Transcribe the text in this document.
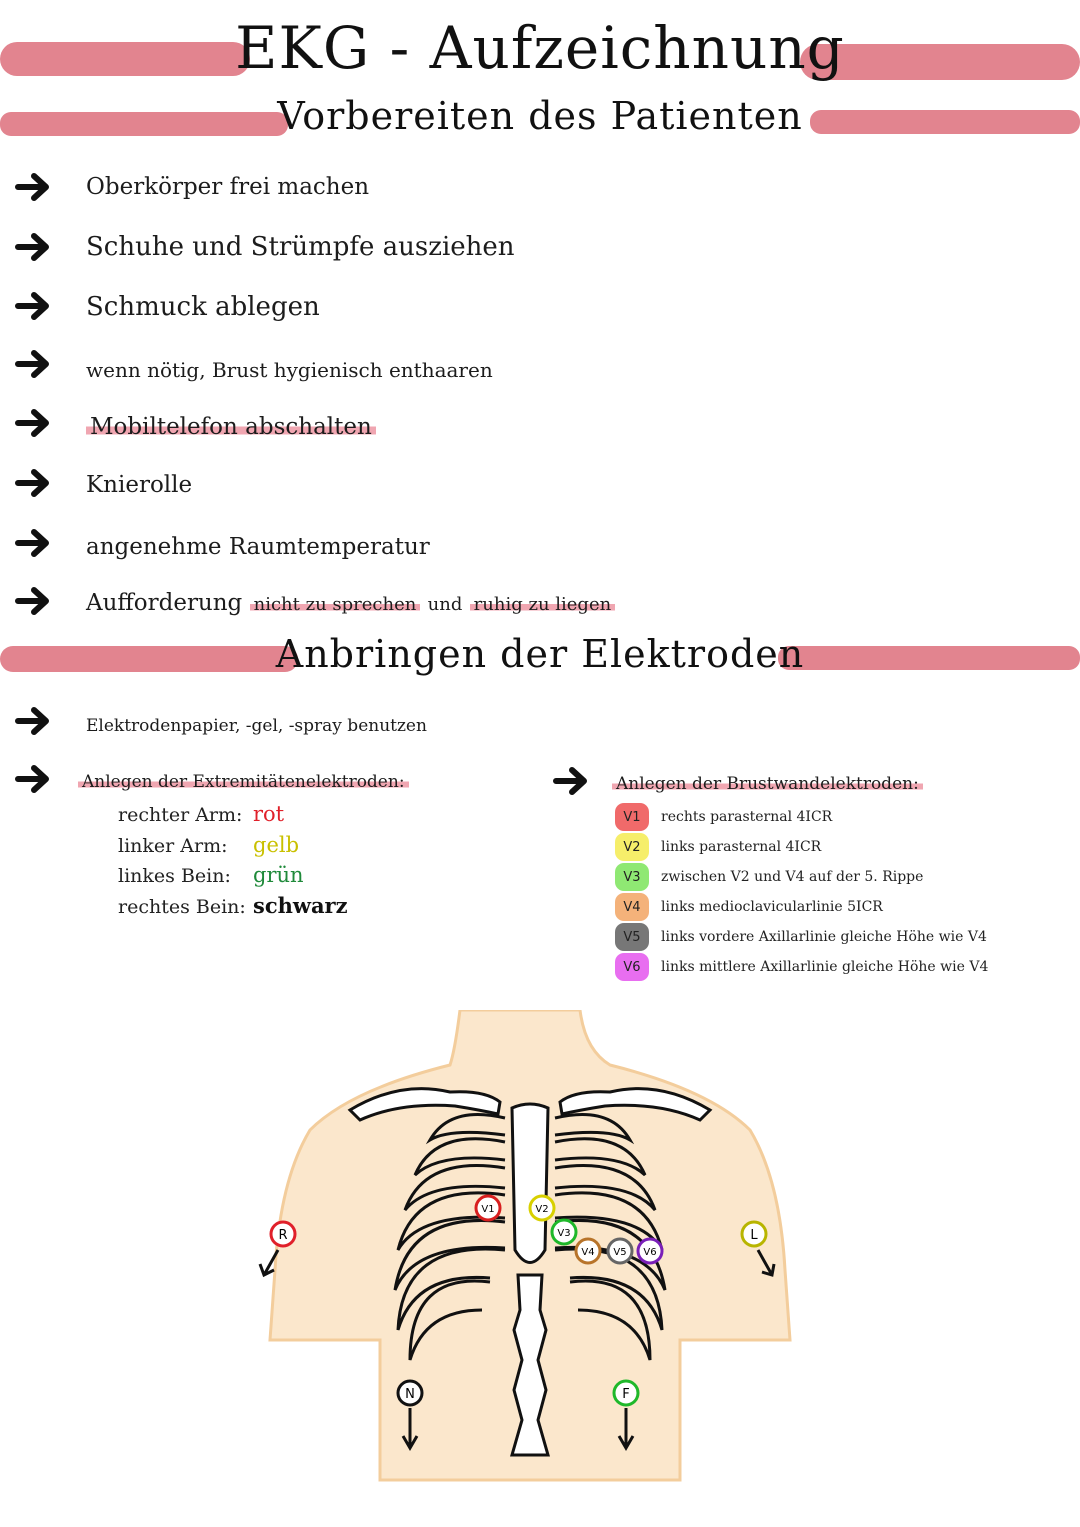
EKG - Aufzeichnung
Vorbereiten des Patienten
Oberkörper frei machen
Schuhe und Strümpfe ausziehen
Schmuck ablegen
wenn nötig, Brust hygienisch enthaaren
Mobiltelefon abschalten
Knierolle
angenehme Raumtemperatur
Aufforderung nicht zu sprechen und ruhig zu liegen
Anbringen der Elektroden
Elektrodenpapier, -gel, -spray benutzen
Anlegen der Extremitätenelektroden:
rechter Arm: rot
linker Arm: gelb
linkes Bein: grün
rechtes Bein: schwarz
Anlegen der Brustwandelektroden:
V1	rechts parasternal 4ICR
V2	links parasternal 4ICR
V3	zwischen V2 und V4 auf der 5. Rippe
V4	links medioclavicularlinie 5ICR
V5	links vordere Axillarlinie gleiche Höhe wie V4
V6	links mittlere Axillarlinie gleiche Höhe wie V4
R	L
N	F
V1	V2
V3
V4 V5 V6
